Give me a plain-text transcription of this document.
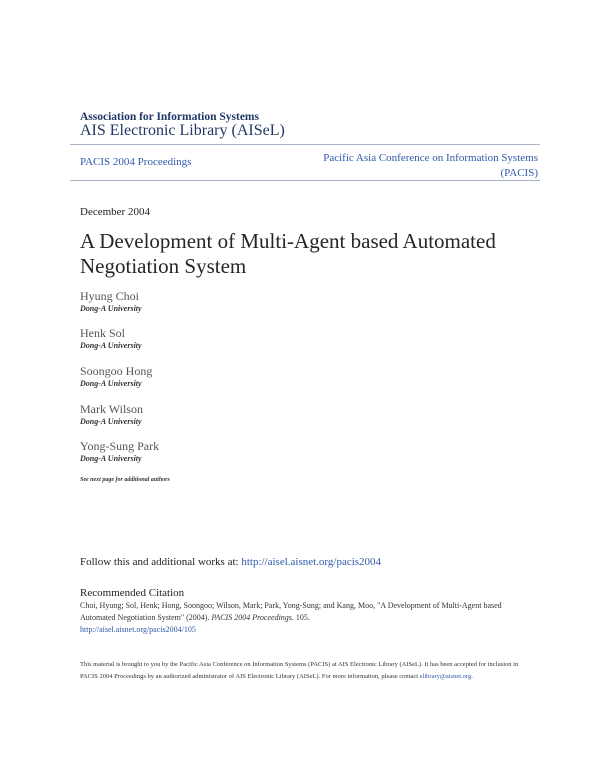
Association for Information Systems
AIS Electronic Library (AISeL)
PACIS 2004 Proceedings	Pacific Asia Conference on Information Systems (PACIS)
December 2004
A Development of Multi-Agent based Automated Negotiation System
Hyung Choi
Dong-A University
Henk Sol
Dong-A University
Soongoo Hong
Dong-A University
Mark Wilson
Dong-A University
Yong-Sung Park
Dong-A University
See next page for additional authors
Follow this and additional works at: http://aisel.aisnet.org/pacis2004
Recommended Citation
Choi, Hyung; Sol, Henk; Hong, Soongoo; Wilson, Mark; Park, Yong-Sung; and Kang, Moo, "A Development of Multi-Agent based Automated Negotiation System" (2004). PACIS 2004 Proceedings. 105.
http://aisel.aisnet.org/pacis2004/105
This material is brought to you by the Pacific Asia Conference on Information Systems (PACIS) at AIS Electronic Library (AISeL). It has been accepted for inclusion in PACIS 2004 Proceedings by an authorized administrator of AIS Electronic Library (AISeL). For more information, please contact elibrary@aisnet.org.
